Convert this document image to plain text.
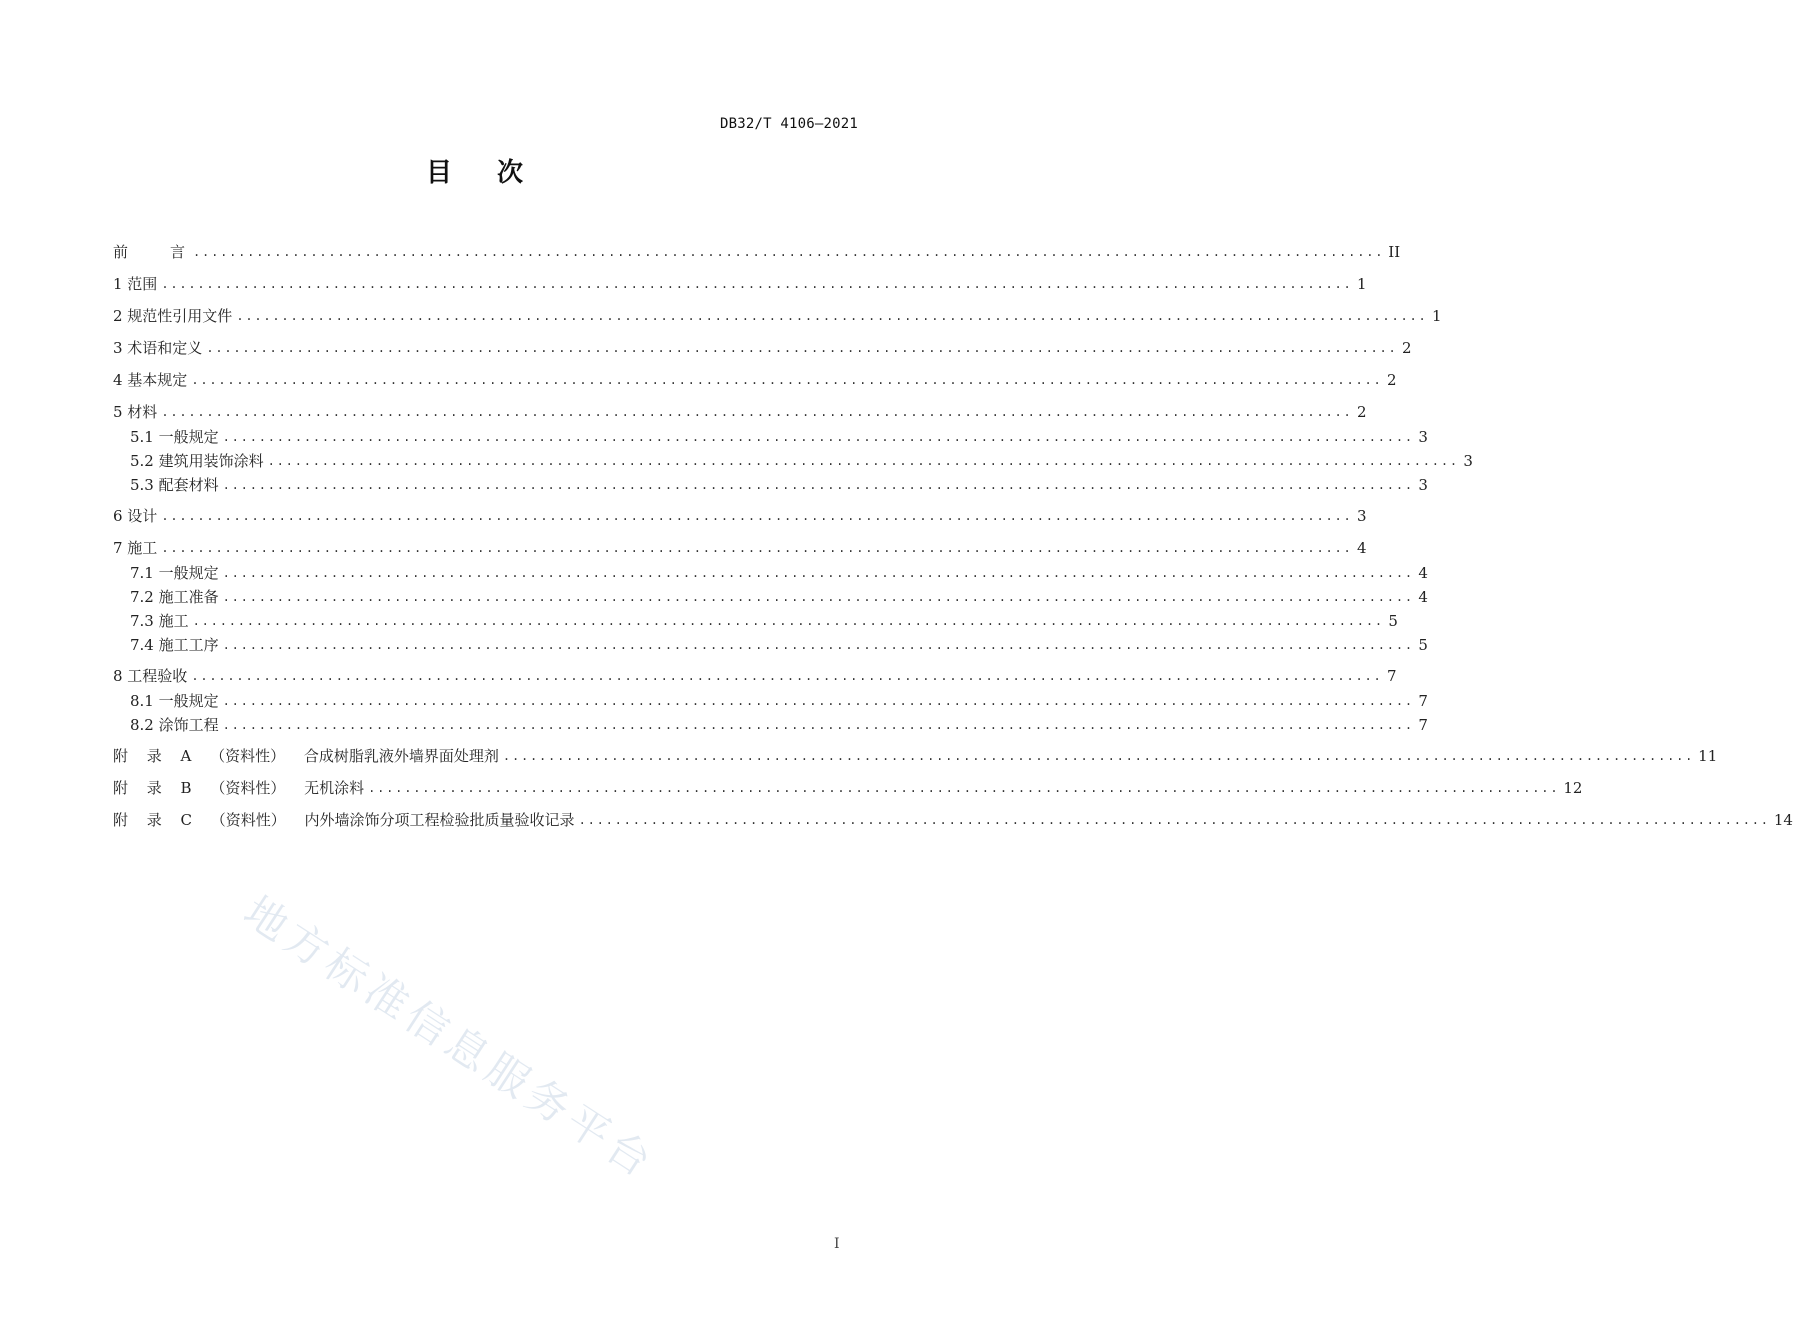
DB32/T 4106—2021
目 次
前　　言 .................................................................................................................................... II
1 范围 .................................................................................................................................... 1
2 规范性引用文件 .................................................................................................................................... 1
3 术语和定义 .................................................................................................................................... 2
4 基本规定 .................................................................................................................................... 2
5 材料 .................................................................................................................................... 2
5.1 一般规定 .................................................................................................................................... 3
5.2 建筑用装饰涂料 .................................................................................................................................... 3
5.3 配套材料 .................................................................................................................................... 3
6 设计 .................................................................................................................................... 3
7 施工 .................................................................................................................................... 4
7.1 一般规定 .................................................................................................................................... 4
7.2 施工准备 .................................................................................................................................... 4
7.3 施工 .................................................................................................................................... 5
7.4 施工工序 .................................................................................................................................... 5
8 工程验收 .................................................................................................................................... 7
8.1 一般规定 .................................................................................................................................... 7
8.2 涂饰工程 .................................................................................................................................... 7
附 录 A （资料性） 合成树脂乳液外墙界面处理剂 .................................................................................................................................... 11
附 录 B （资料性） 无机涂料 .................................................................................................................................... 12
附 录 C （资料性） 内外墙涂饰分项工程检验批质量验收记录 .................................................................................................................................... 14
地方标准信息服务平台
I
